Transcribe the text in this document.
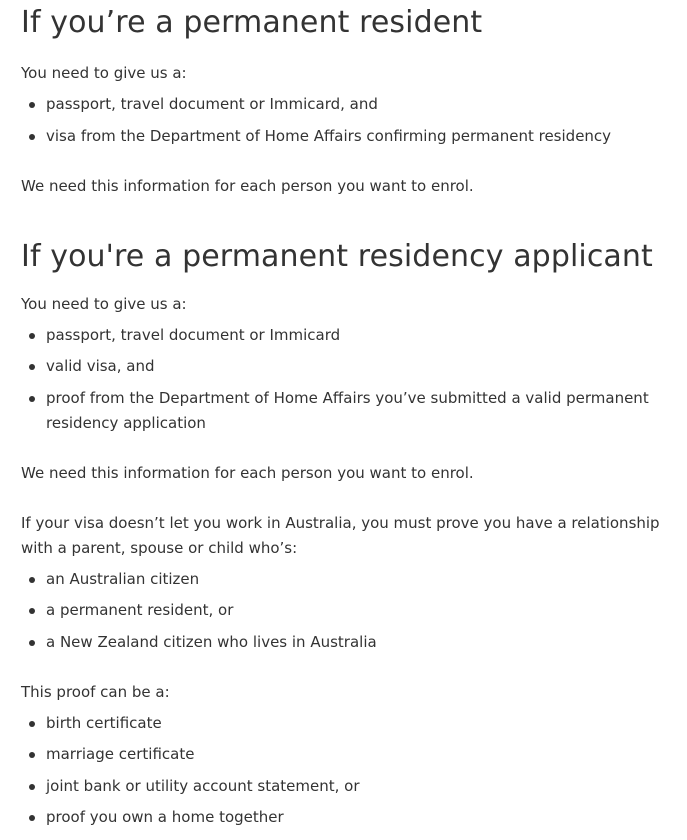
If you’re a permanent resident

You need to give us a:

passport, travel document or Immicard, and
visa from the Department of Home Affairs confirming permanent residency

We need this information for each person you want to enrol.

If you're a permanent residency applicant

You need to give us a:

passport, travel document or Immicard
valid visa, and
proof from the Department of Home Affairs you’ve submitted a valid permanent residency application

We need this information for each person you want to enrol.

If your visa doesn’t let you work in Australia, you must prove you have a relationship with a parent, spouse or child who’s:

an Australian citizen
a permanent resident, or
a New Zealand citizen who lives in Australia

This proof can be a:

birth certificate
marriage certificate
joint bank or utility account statement, or
proof you own a home together
